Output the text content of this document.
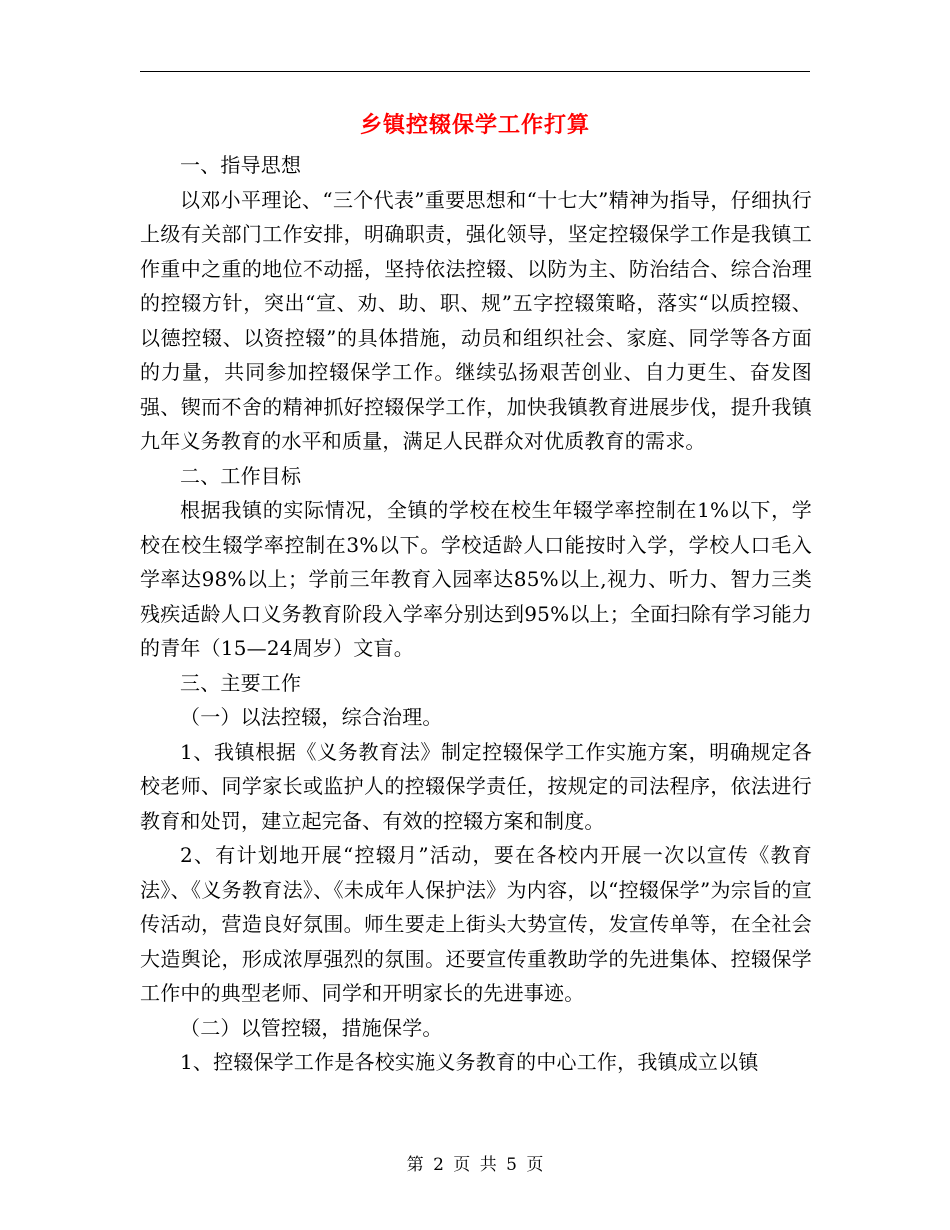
乡镇控辍保学工作打算

一、指导思想

以邓小平理论、“三个代表”重要思想和“十七大”精神为指导，仔细执行上级有关部门工作安排，明确职责，强化领导，坚定控辍保学工作是我镇工作重中之重的地位不动摇，坚持依法控辍、以防为主、防治结合、综合治理的控辍方针，突出“宣、劝、助、职、规”五字控辍策略，落实“以质控辍、以德控辍、以资控辍”的具体措施，动员和组织社会、家庭、同学等各方面的力量，共同参加控辍保学工作。继续弘扬艰苦创业、自力更生、奋发图强、锲而不舍的精神抓好控辍保学工作，加快我镇教育进展步伐，提升我镇九年义务教育的水平和质量，满足人民群众对优质教育的需求。

二、工作目标

根据我镇的实际情况，全镇的学校在校生年辍学率控制在1%以下，学校在校生辍学率控制在3%以下。学校适龄人口能按时入学，学校人口毛入学率达98%以上；学前三年教育入园率达85%以上,视力、听力、智力三类残疾适龄人口义务教育阶段入学率分别达到95%以上；全面扫除有学习能力的青年（15—24周岁）文盲。

三、主要工作

（一）以法控辍，综合治理。

1、我镇根据《义务教育法》制定控辍保学工作实施方案，明确规定各校老师、同学家长或监护人的控辍保学责任，按规定的司法程序，依法进行教育和处罚，建立起完备、有效的控辍方案和制度。

2、有计划地开展“控辍月”活动，要在各校内开展一次以宣传《教育法》、《义务教育法》、《未成年人保护法》为内容，以“控辍保学”为宗旨的宣传活动，营造良好氛围。师生要走上街头大势宣传，发宣传单等，在全社会大造舆论，形成浓厚强烈的氛围。还要宣传重教助学的先进集体、控辍保学工作中的典型老师、同学和开明家长的先进事迹。

（二）以管控辍，措施保学。

1、控辍保学工作是各校实施义务教育的中心工作，我镇成立以镇

第 2 页 共 5 页
